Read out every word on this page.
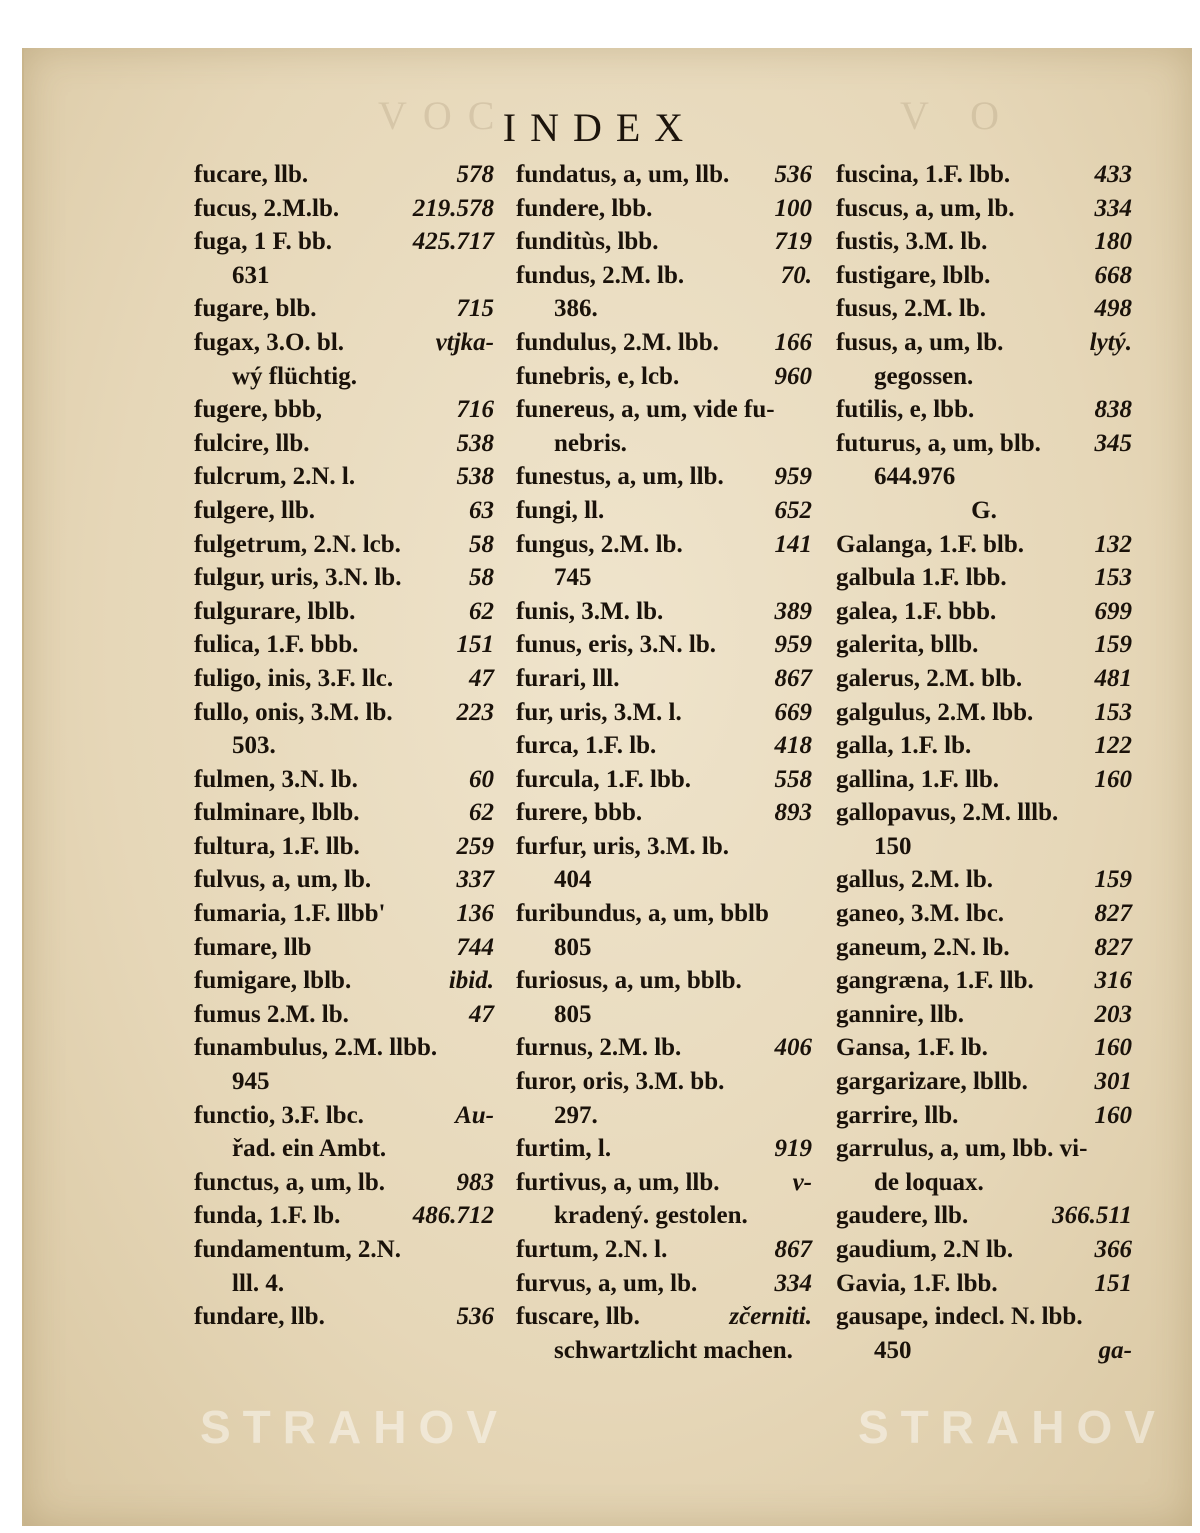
VOC	V O
INDEX
fucare, llb.	578
fucus, 2.M.lb.	219.578
fuga, 1 F. bb.	425.717
631
fugare, blb.	715
fugax, 3.O. bl.	vtjka-
wý flüchtig.
fugere, bbb,	716
fulcire, llb.	538
fulcrum, 2.N. l.	538
fulgere, llb.	63
fulgetrum, 2.N. lcb.	58
fulgur, uris, 3.N. lb.	58
fulgurare, lblb.	62
fulica, 1.F. bbb.	151
fuligo, inis, 3.F. llc.	47
fullo, onis, 3.M. lb.	223
503.
fulmen, 3.N. lb.	60
fulminare, lblb.	62
fultura, 1.F. llb.	259
fulvus, a, um, lb.	337
fumaria, 1.F. llbb'	136
fumare, llb	744
fumigare, lblb.	ibid.
fumus 2.M. lb.	47
funambulus, 2.M. llbb.
945
functio, 3.F. lbc.	Au-
řad. ein Ambt.
functus, a, um, lb.	983
funda, 1.F. lb.	486.712
fundamentum, 2.N.
lll. 4.
fundare, llb.	536
fundatus, a, um, llb.	536
fundere, lbb.	100
funditùs, lbb.	719
fundus, 2.M. lb.	70.
386.
fundulus, 2.M. lbb.	166
funebris, e, lcb.	960
funereus, a, um, vide fu-
nebris.
funestus, a, um, llb.	959
fungi, ll.	652
fungus, 2.M. lb.	141
745
funis, 3.M. lb.	389
funus, eris, 3.N. lb.	959
furari, lll.	867
fur, uris, 3.M. l.	669
furca, 1.F. lb.	418
furcula, 1.F. lbb.	558
furere, bbb.	893
furfur, uris, 3.M. lb.
404
furibundus, a, um, bblb
805
furiosus, a, um, bblb.
805
furnus, 2.M. lb.	406
furor, oris, 3.M. bb.
297.
furtim, l.	919
furtivus, a, um, llb.	v-
kradený. gestolen.
furtum, 2.N. l.	867
furvus, a, um, lb.	334
fuscare, llb.	zčerniti.
schwartzlicht machen.
fuscina, 1.F. lbb.	433
fuscus, a, um, lb.	334
fustis, 3.M. lb.	180
fustigare, lblb.	668
fusus, 2.M. lb.	498
fusus, a, um, lb.	lytý.
gegossen.
futilis, e, lbb.	838
futurus, a, um, blb.	345
644.976
G.
Galanga, 1.F. blb.	132
galbula 1.F. lbb.	153
galea, 1.F. bbb.	699
galerita, bllb.	159
galerus, 2.M. blb.	481
galgulus, 2.M. lbb.	153
galla, 1.F. lb.	122
gallina, 1.F. llb.	160
gallopavus, 2.M. lllb.
150
gallus, 2.M. lb.	159
ganeo, 3.M. lbc.	827
ganeum, 2.N. lb.	827
gangræna, 1.F. llb.	316
gannire, llb.	203
Gansa, 1.F. lb.	160
gargarizare, lbllb.	301
garrire, llb.	160
garrulus, a, um, lbb. vi-
de loquax.
gaudere, llb.	366.511
gaudium, 2.N lb.	366
Gavia, 1.F. lbb.	151
gausape, indecl. N. lbb.
450	ga-
STRAHOV	STRAHOV
